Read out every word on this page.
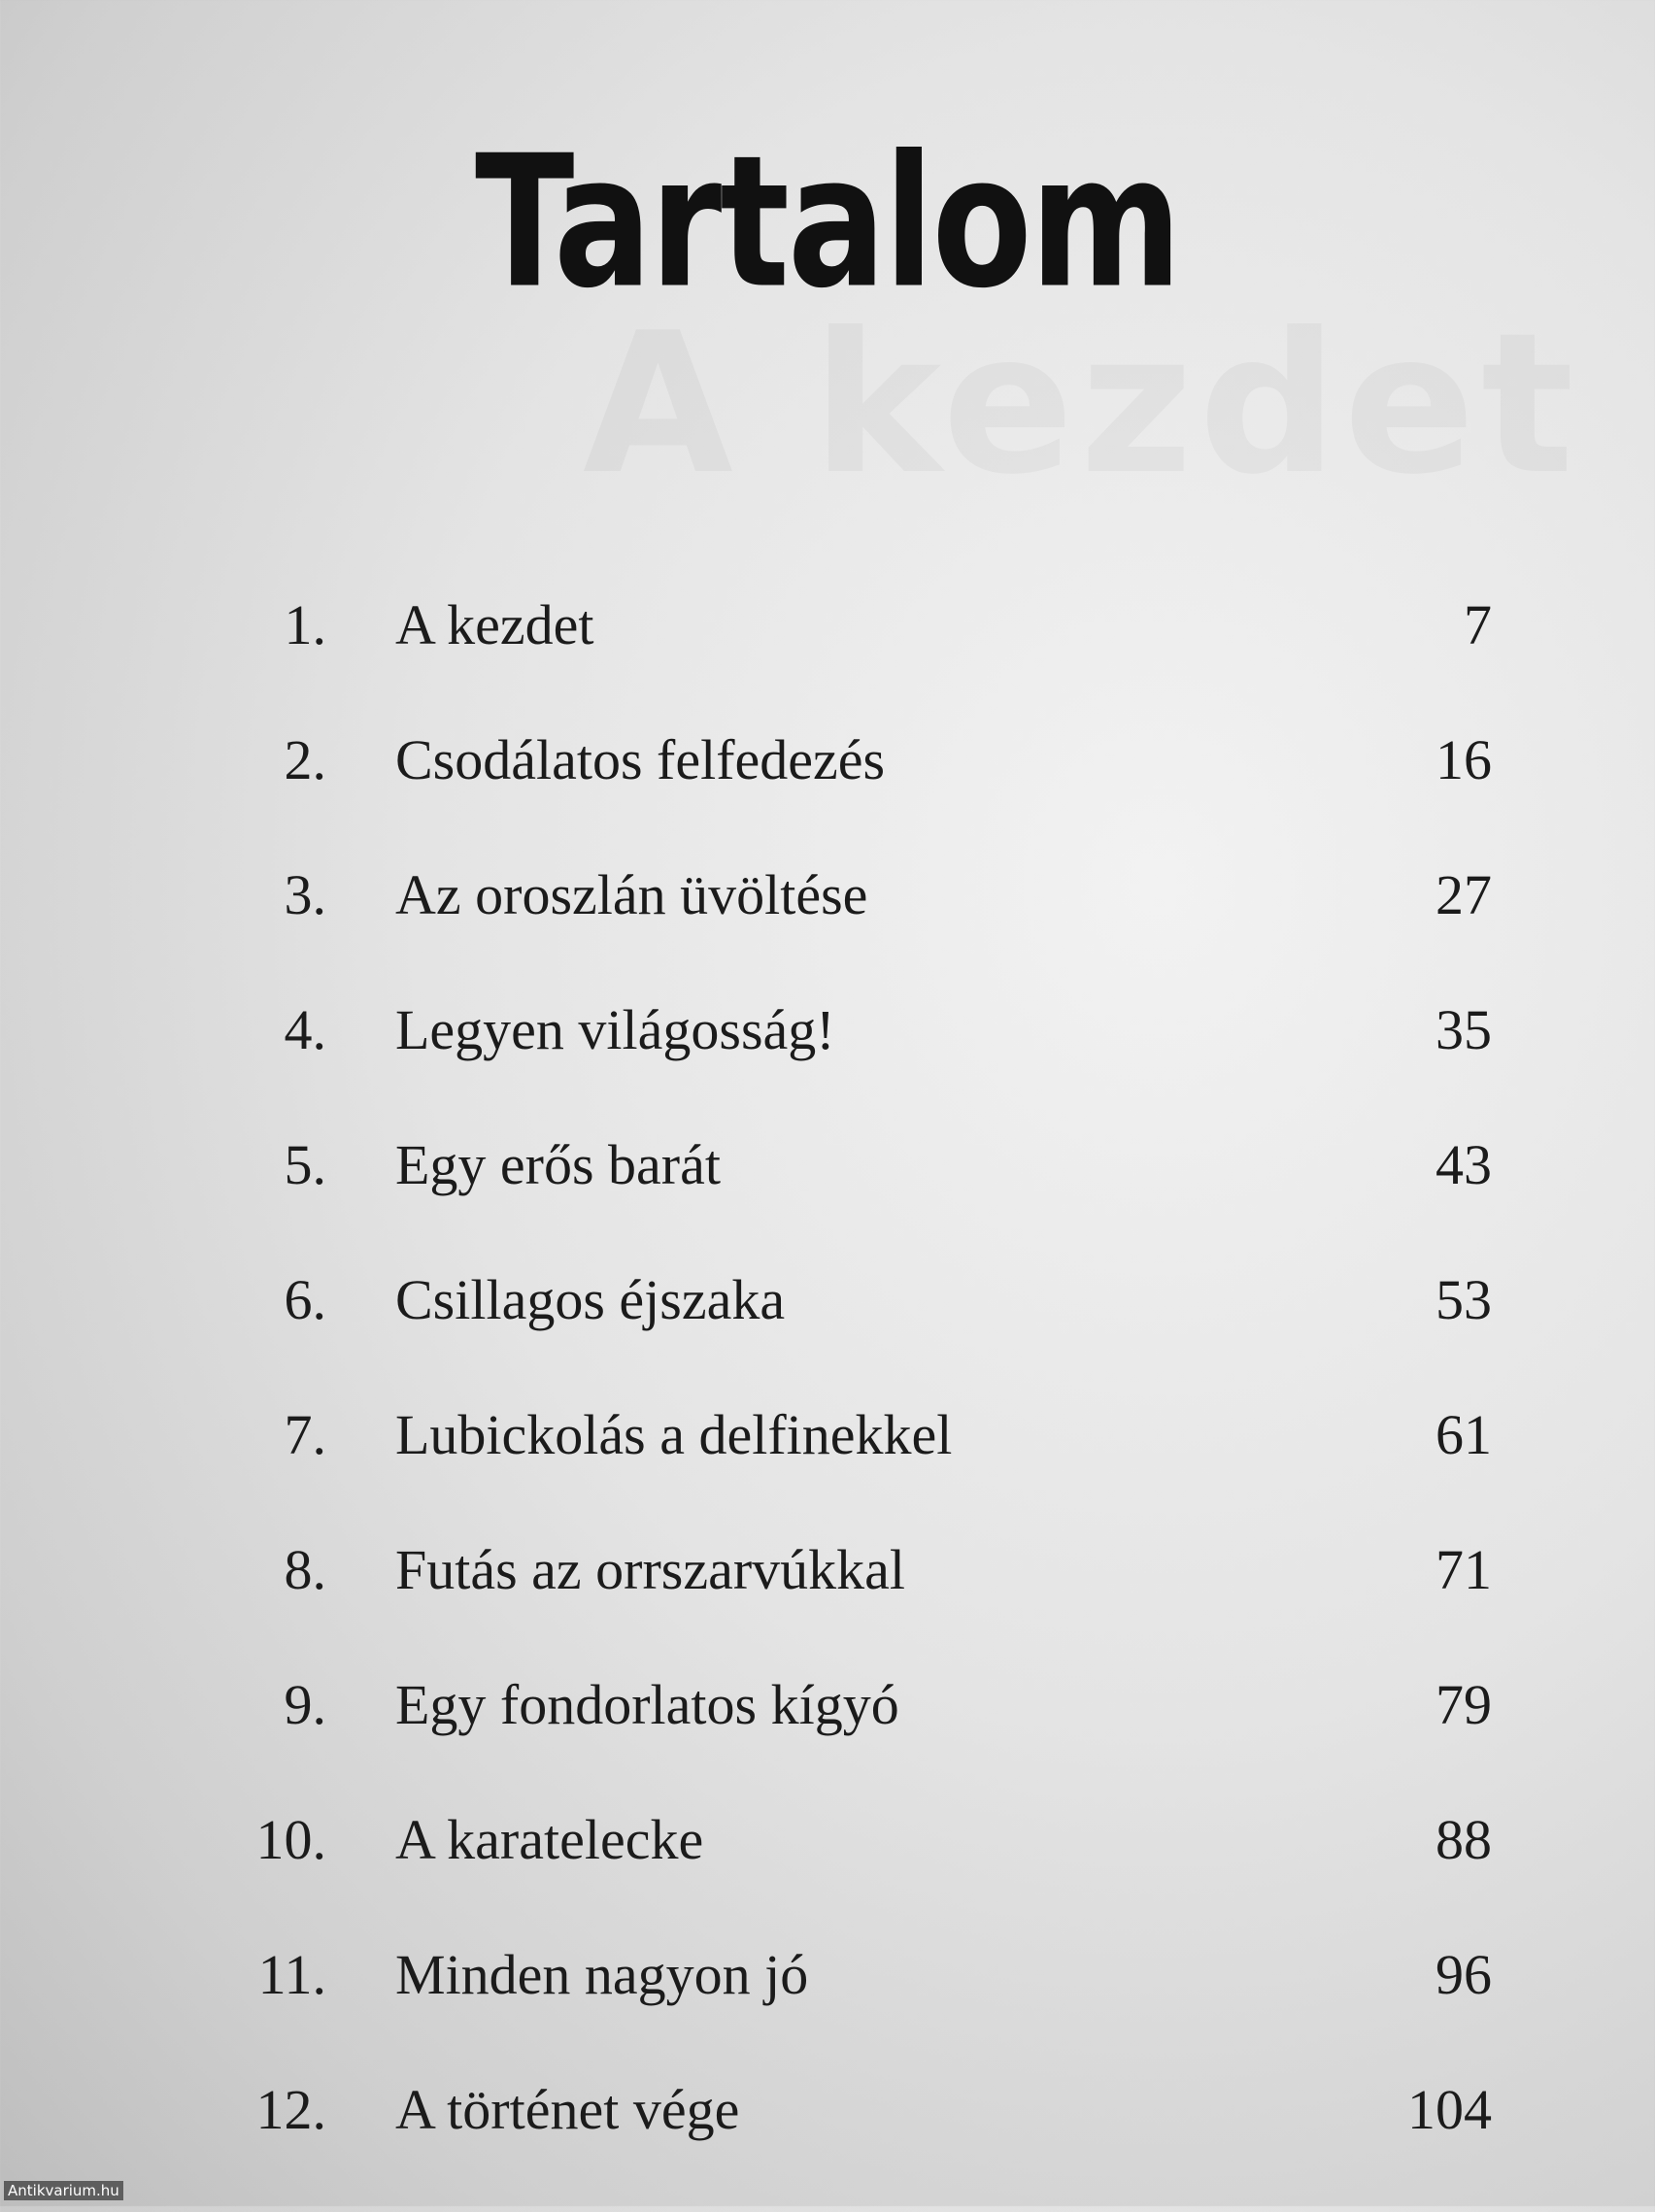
A kezdet
Tartalom
1. A kezdet	7
2. Csodálatos felfedezés	16
3. Az oroszlán üvöltése	27
4. Legyen világosság!	35
5. Egy erős barát	43
6. Csillagos éjszaka	53
7. Lubickolás a delfinekkel	61
8. Futás az orrszarvúkkal	71
9. Egy fondorlatos kígyó	79
10. A karatelecke	88
11. Minden nagyon jó	96
12. A történet vége	104
Antikvarium.hu
